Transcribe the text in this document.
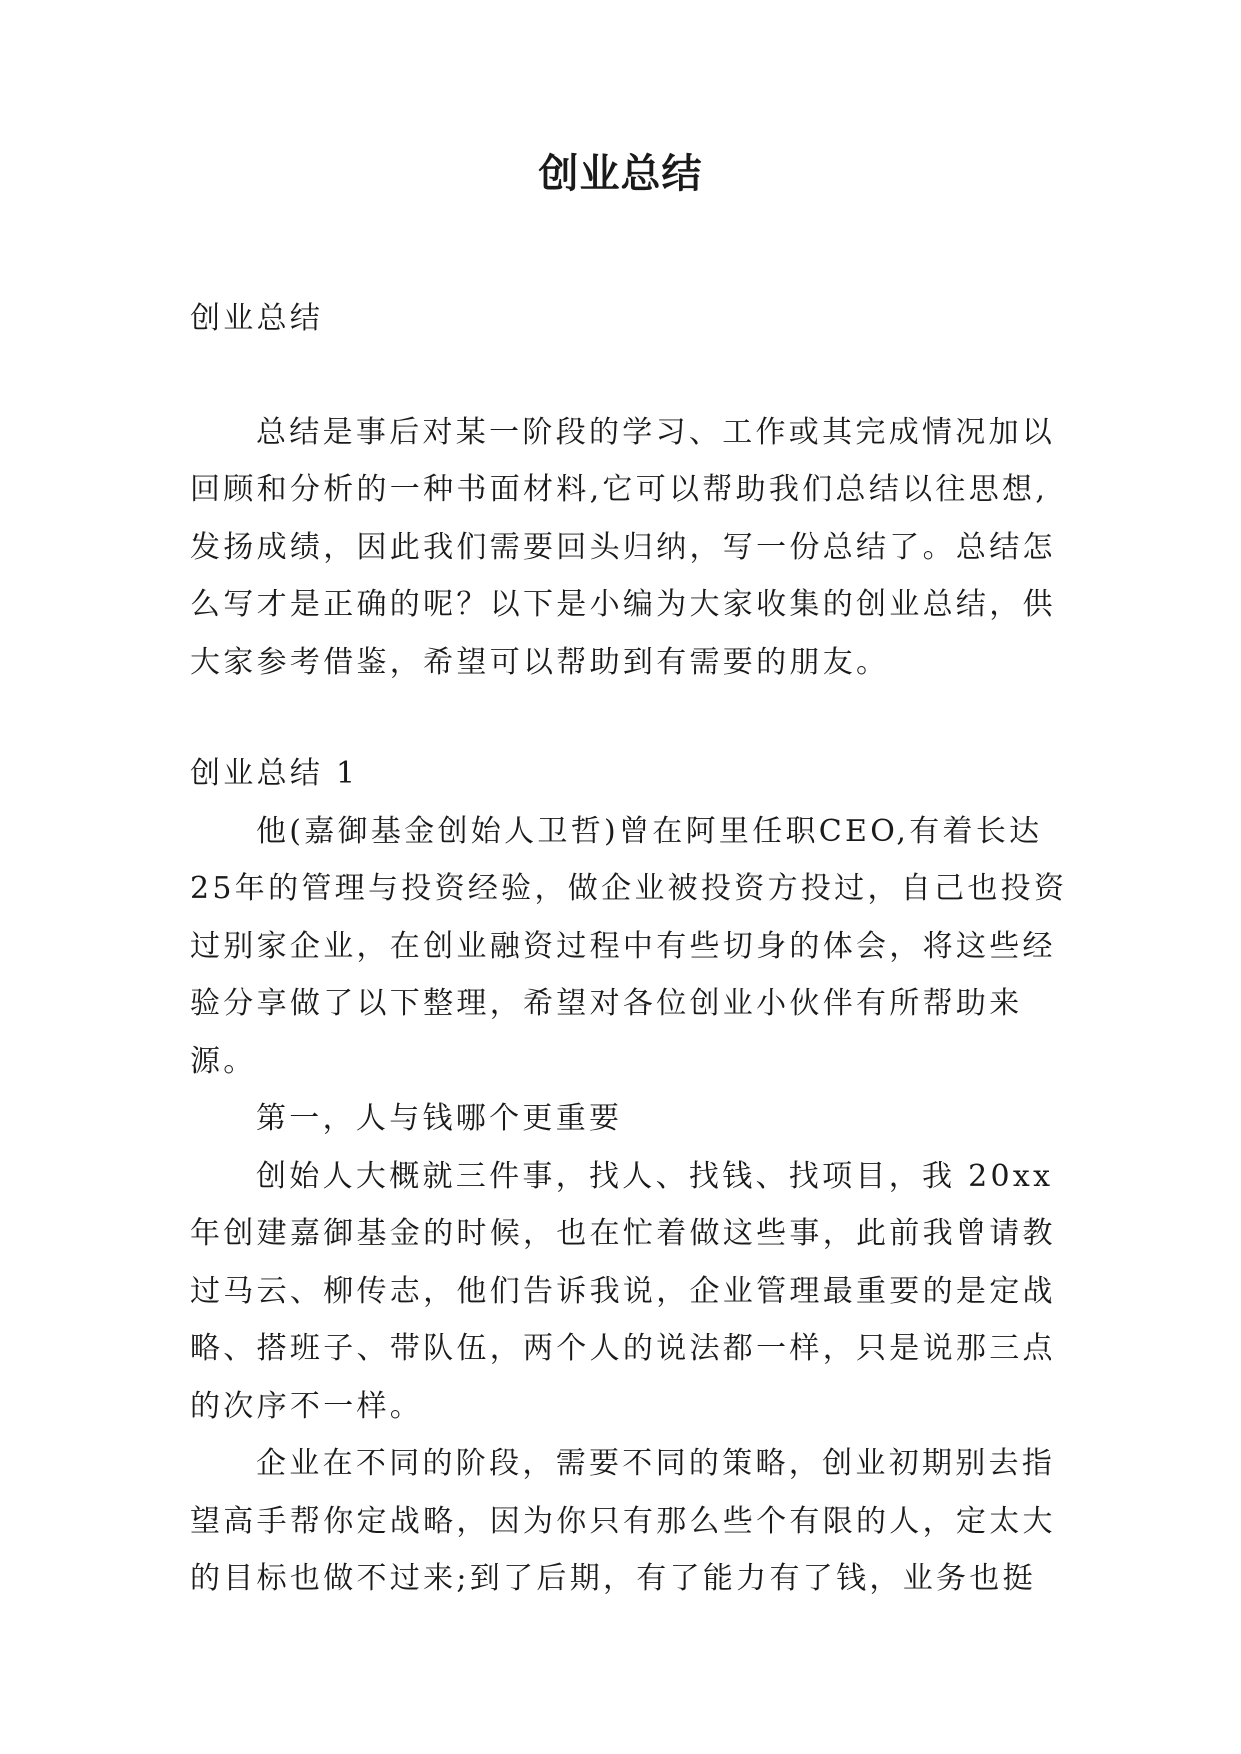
创业总结

创业总结

总结是事后对某一阶段的学习、工作或其完成情况加以回顾和分析的一种书面材料,它可以帮助我们总结以往思想,发扬成绩，因此我们需要回头归纳，写一份总结了。总结怎么写才是正确的呢？以下是小编为大家收集的创业总结，供大家参考借鉴，希望可以帮助到有需要的朋友。

创业总结 1

他(嘉御基金创始人卫哲)曾在阿里任职CEO,有着长达25年的管理与投资经验，做企业被投资方投过，自己也投资过别家企业，在创业融资过程中有些切身的体会，将这些经验分享做了以下整理，希望对各位创业小伙伴有所帮助来源。

第一，人与钱哪个更重要

创始人大概就三件事，找人、找钱、找项目，我 20xx 年创建嘉御基金的时候，也在忙着做这些事，此前我曾请教过马云、柳传志，他们告诉我说，企业管理最重要的是定战略、搭班子、带队伍，两个人的说法都一样，只是说那三点的次序不一样。

企业在不同的阶段，需要不同的策略，创业初期别去指望高手帮你定战略，因为你只有那么些个有限的人，定太大的目标也做不过来;到了后期，有了能力有了钱，业务也挺
